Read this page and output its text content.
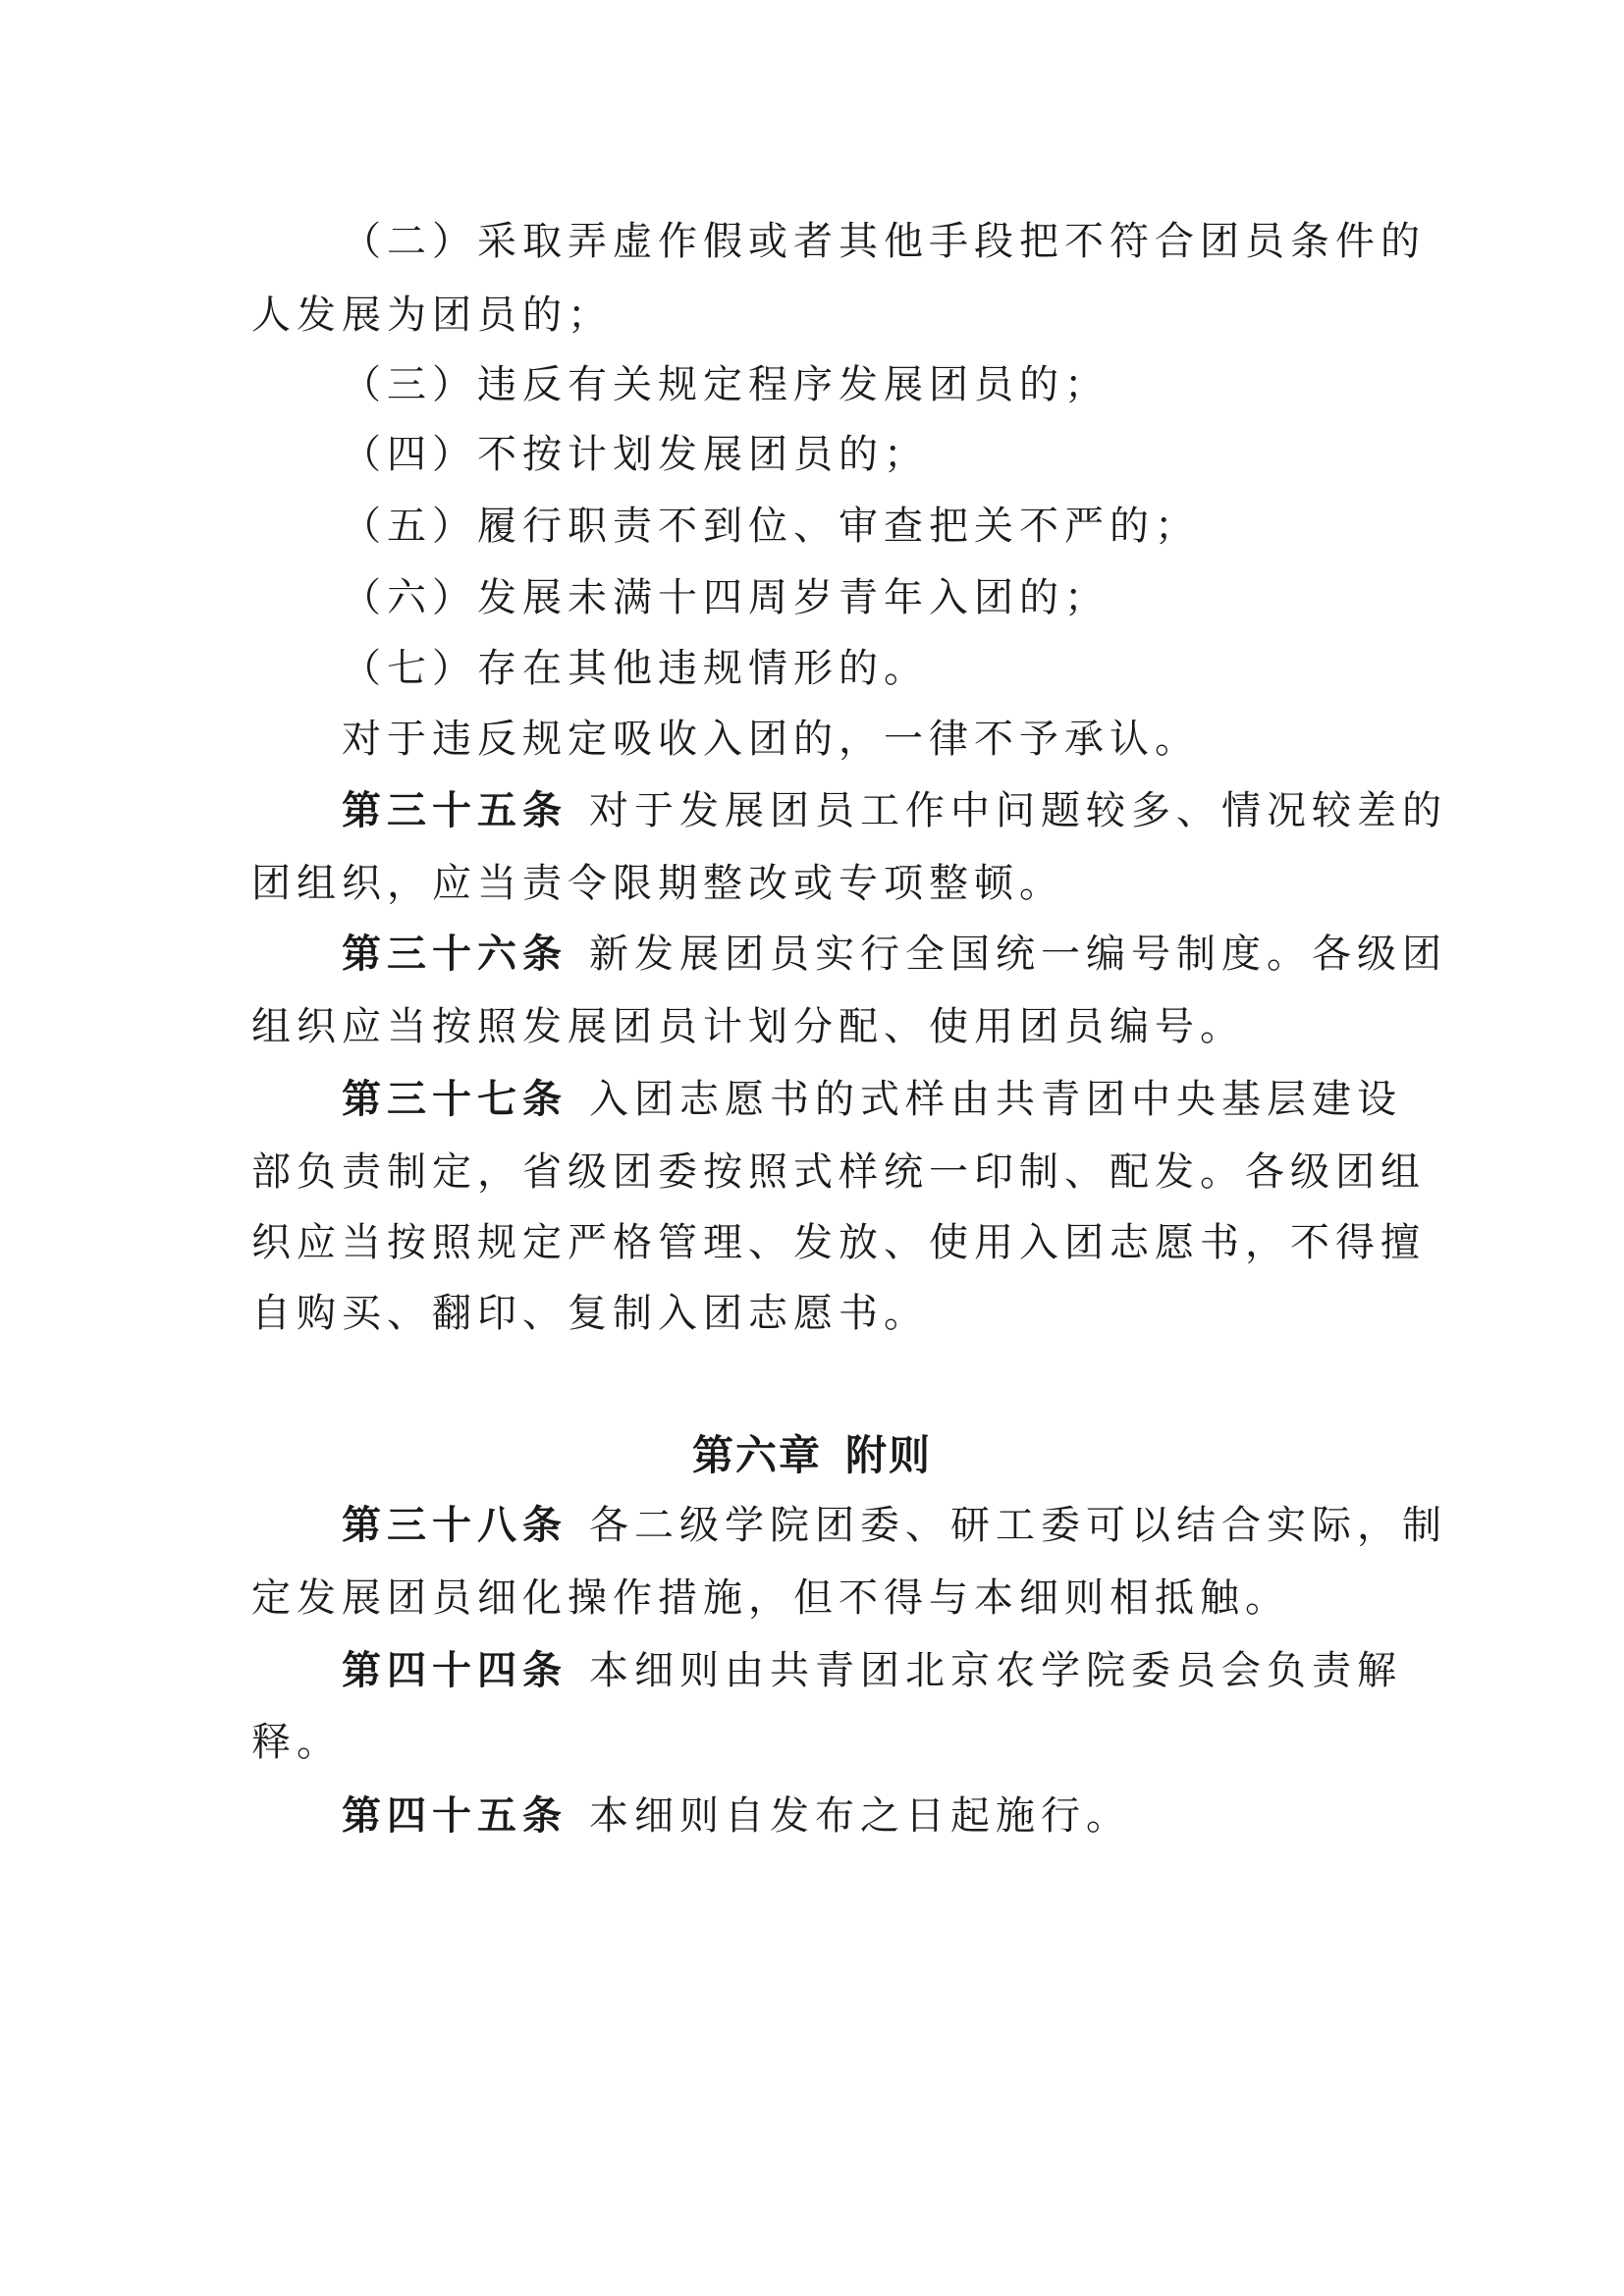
（二）采取弄虚作假或者其他手段把不符合团员条件的
人发展为团员的；
（三）违反有关规定程序发展团员的；
（四）不按计划发展团员的；
（五）履行职责不到位、审查把关不严的；
（六）发展未满十四周岁青年入团的；
（七）存在其他违规情形的。
对于违反规定吸收入团的，一律不予承认。
第三十五条 对于发展团员工作中问题较多、情况较差的
团组织，应当责令限期整改或专项整顿。
第三十六条 新发展团员实行全国统一编号制度。各级团
组织应当按照发展团员计划分配、使用团员编号。
第三十七条 入团志愿书的式样由共青团中央基层建设
部负责制定，省级团委按照式样统一印制、配发。各级团组
织应当按照规定严格管理、发放、使用入团志愿书，不得擅
自购买、翻印、复制入团志愿书。
第六章 附则
第三十八条 各二级学院团委、研工委可以结合实际，制
定发展团员细化操作措施，但不得与本细则相抵触。
第四十四条 本细则由共青团北京农学院委员会负责解
释。
第四十五条 本细则自发布之日起施行。
